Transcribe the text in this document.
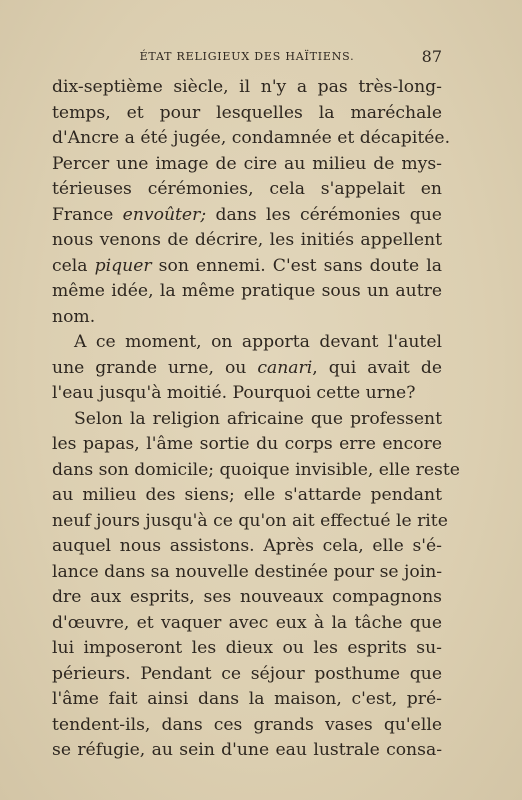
ÉTAT RELIGIEUX DES HAÏTIENS.	87
dix-septième siècle, il n'y a pas très-long-
temps, et pour lesquelles la maréchale
d'Ancre a été jugée, condamnée et décapitée.
Percer une image de cire au milieu de mys-
térieuses cérémonies, cela s'appelait en
France envoûter; dans les cérémonies que
nous venons de décrire, les initiés appellent
cela piquer son ennemi. C'est sans doute la
même idée, la même pratique sous un autre
nom.
A ce moment, on apporta devant l'autel
une grande urne, ou canari, qui avait de
l'eau jusqu'à moitié. Pourquoi cette urne?
Selon la religion africaine que professent
les papas, l'âme sortie du corps erre encore
dans son domicile; quoique invisible, elle reste
au milieu des siens; elle s'attarde pendant
neuf jours jusqu'à ce qu'on ait effectué le rite
auquel nous assistons. Après cela, elle s'é-
lance dans sa nouvelle destinée pour se join-
dre aux esprits, ses nouveaux compagnons
d'œuvre, et vaquer avec eux à la tâche que
lui imposeront les dieux ou les esprits su-
périeurs. Pendant ce séjour posthume que
l'âme fait ainsi dans la maison, c'est, pré-
tendent-ils, dans ces grands vases qu'elle
se réfugie, au sein d'une eau lustrale consa-
